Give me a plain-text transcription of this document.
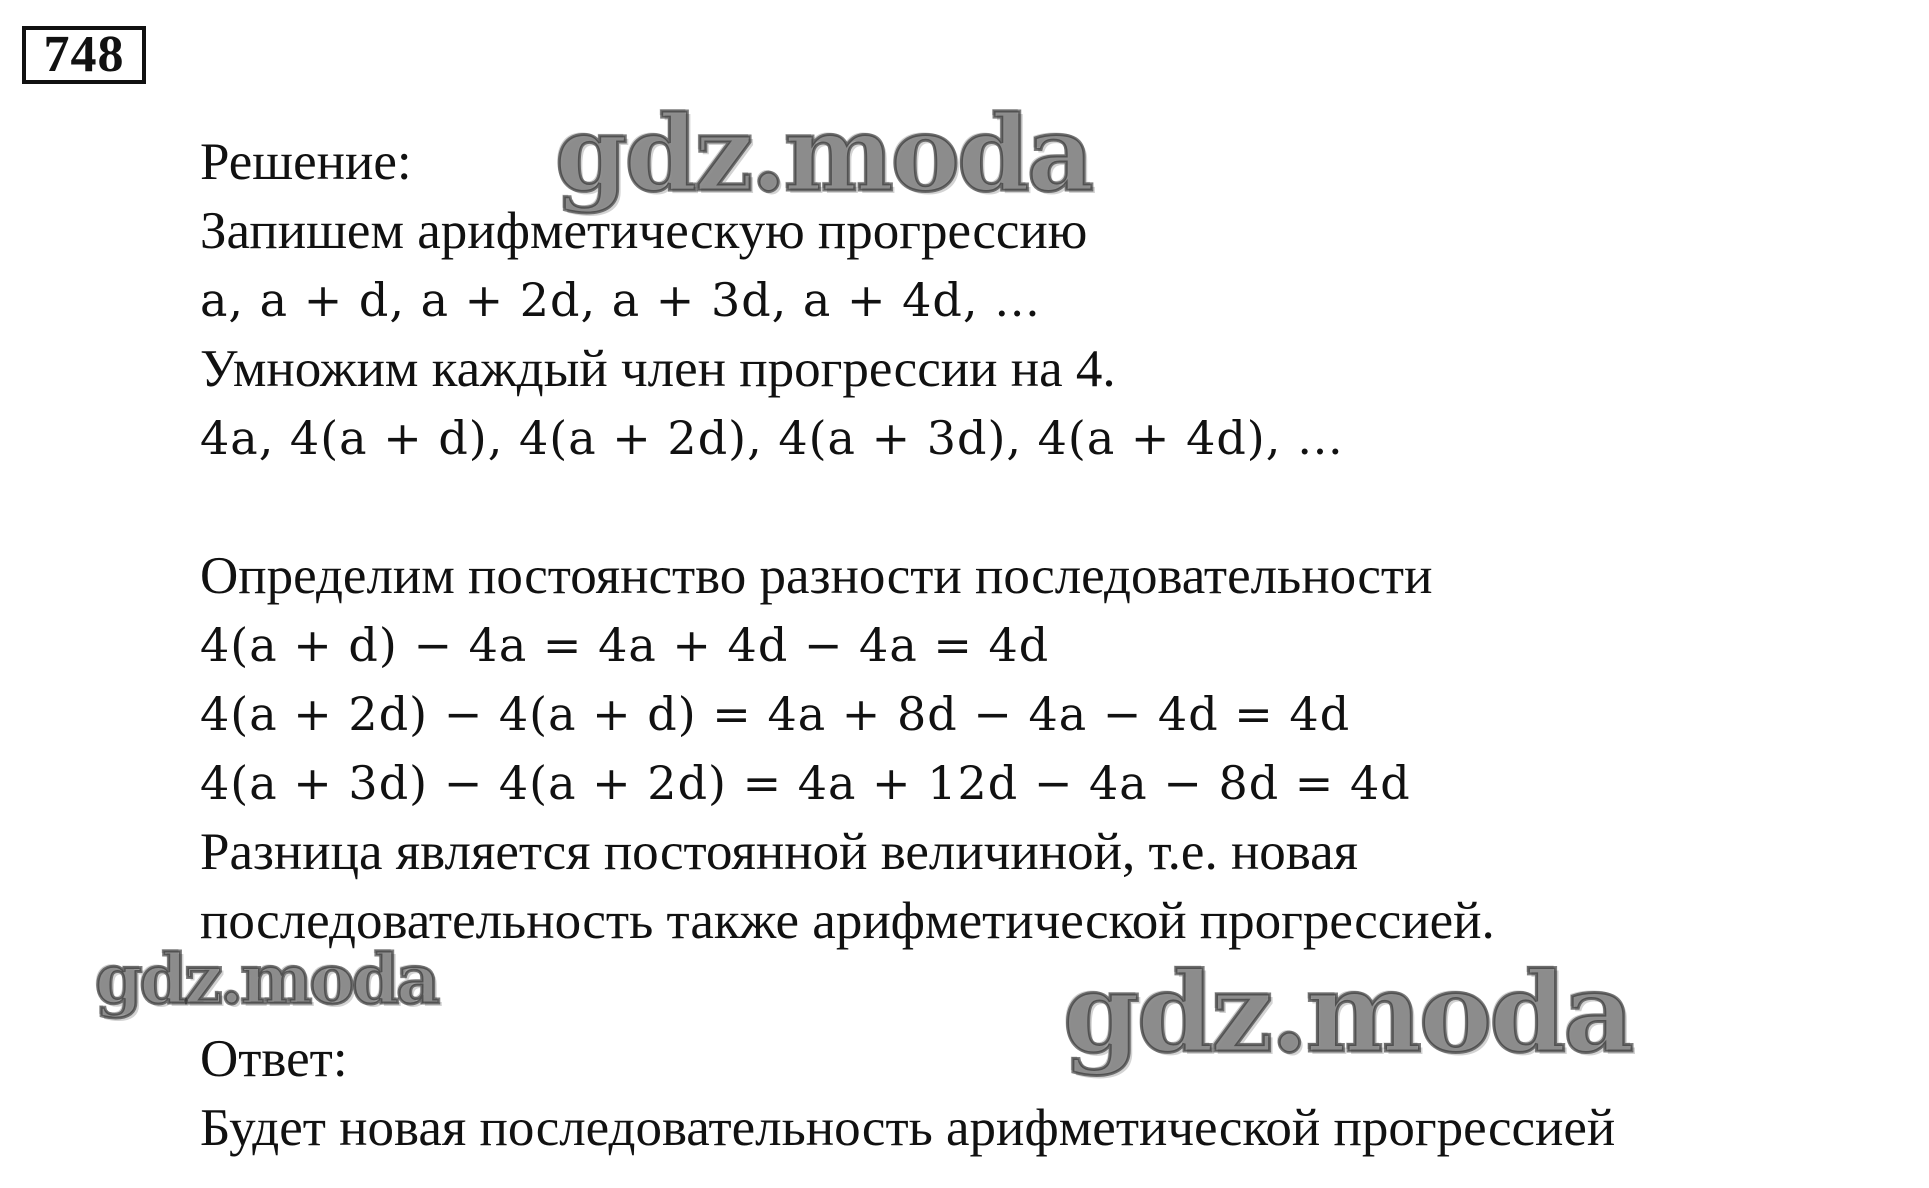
748
Решение:
Запишем арифметическую прогрессию
a, a + d, a + 2d, a + 3d, a + 4d, …
Умножим каждый член прогрессии на 4.
4a, 4(a + d), 4(a + 2d), 4(a + 3d), 4(a + 4d), …
Определим постоянство разности последовательности
4(a + d) − 4a = 4a + 4d − 4a = 4d
4(a + 2d) − 4(a + d) = 4a + 8d − 4a − 4d = 4d
4(a + 3d) − 4(a + 2d) = 4a + 12d − 4a − 8d = 4d
Разница является постоянной величиной, т.е. новая
последовательность также арифметической прогрессией.
Ответ:
Будет новая последовательность арифметической прогрессией
gdz.moda
gdz.moda	gdz.moda
